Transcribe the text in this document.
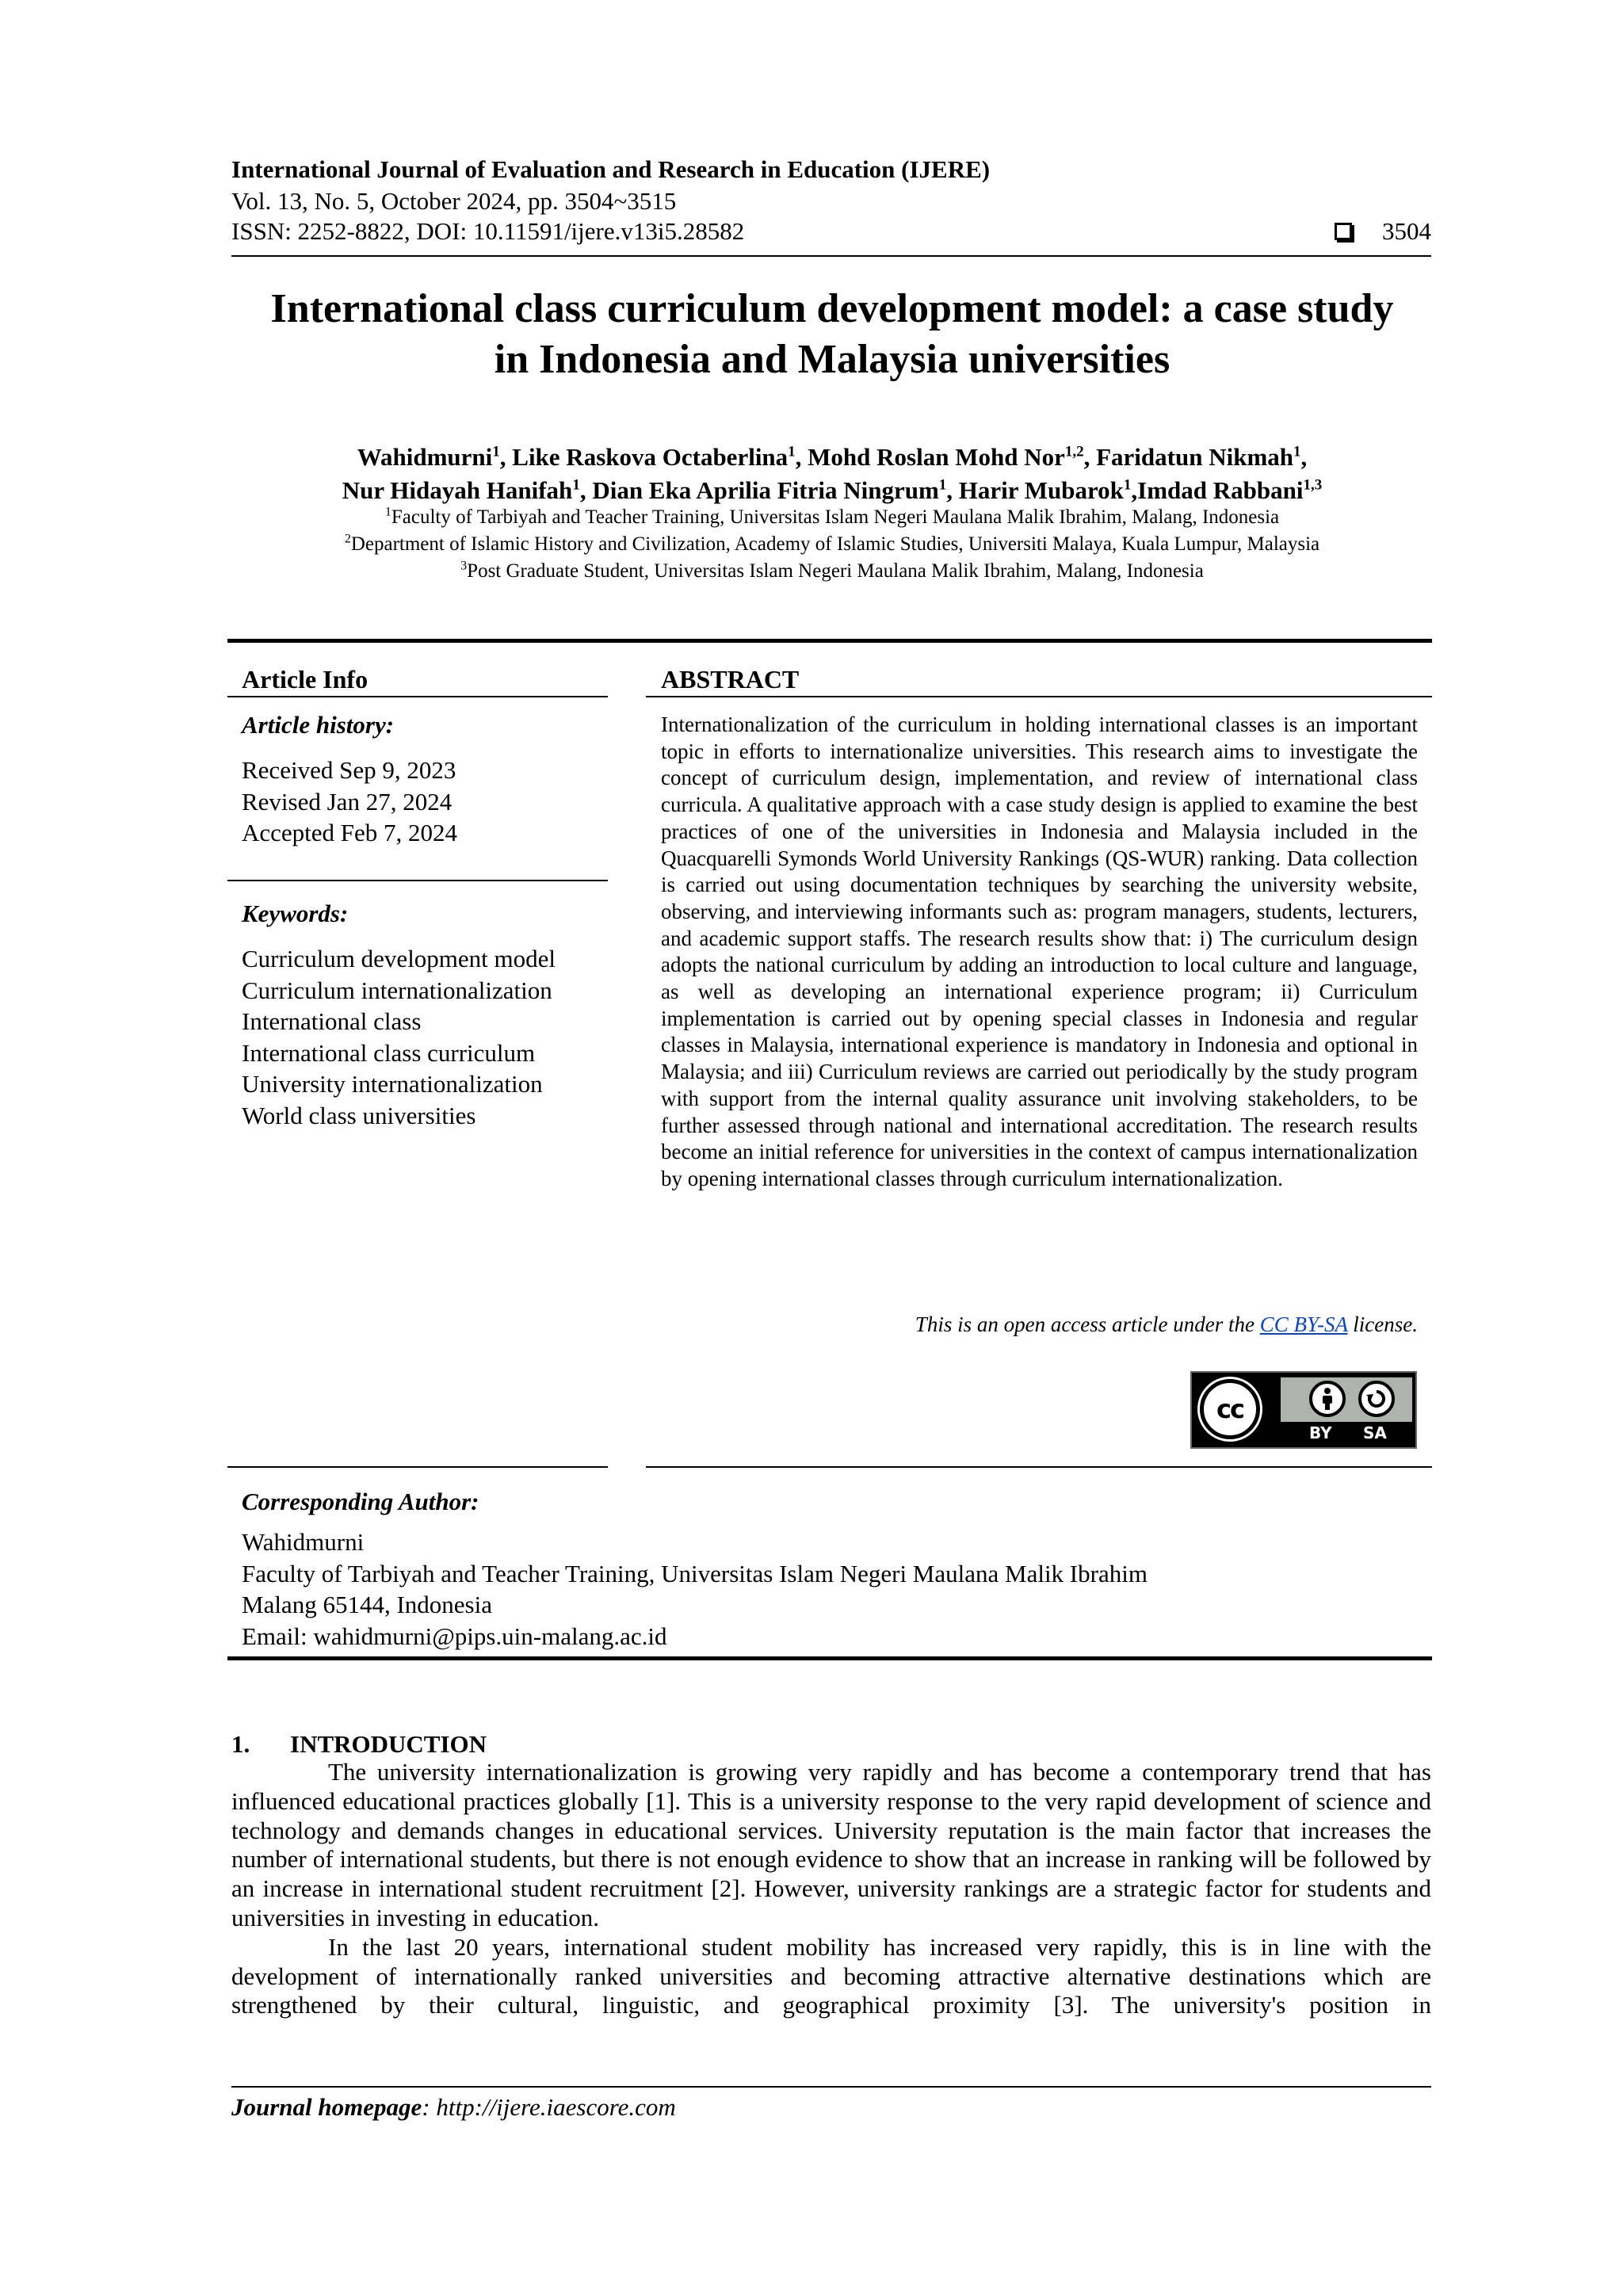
International Journal of Evaluation and Research in Education (IJERE)
Vol. 13, No. 5, October 2024, pp. 3504~3515
ISSN: 2252-8822, DOI: 10.11591/ijere.v13i5.28582	3504
International class curriculum development model: a case study
in Indonesia and Malaysia universities
Wahidmurni$^1$, Like Raskova Octaberlina$^1$, Mohd Roslan Mohd Nor$^{1,2}$, Faridatun Nikmah$^1$,
Nur Hidayah Hanifah$^1$, Dian Eka Aprilia Fitria Ningrum$^1$, Harir Mubarok$^1$,Imdad Rabbani$^{1,3}$
$^1$Faculty of Tarbiyah and Teacher Training, Universitas Islam Negeri Maulana Malik Ibrahim, Malang, Indonesia
$^2$Department of Islamic History and Civilization, Academy of Islamic Studies, Universiti Malaya, Kuala Lumpur, Malaysia
$^3$Post Graduate Student, Universitas Islam Negeri Maulana Malik Ibrahim, Malang, Indonesia
Article Info
Article history:
Received Sep 9, 2023
Revised Jan 27, 2024
Accepted Feb 7, 2024
Keywords:
Curriculum development model
Curriculum internationalization
International class
International class curriculum
University internationalization
World class universities
ABSTRACT
Internationalization of the curriculum in holding international classes is an important topic in efforts to internationalize universities. This research aims to investigate the concept of curriculum design, implementation, and review of international class curricula. A qualitative approach with a case study design is applied to examine the best practices of one of the universities in Indonesia and Malaysia included in the Quacquarelli Symonds World University Rankings (QS-WUR) ranking. Data collection is carried out using documentation techniques by searching the university website, observing, and interviewing informants such as: program managers, students, lecturers, and academic support staffs. The research results show that: i) The curriculum design adopts the national curriculum by adding an introduction to local culture and language, as well as developing an international experience program; ii) Curriculum implementation is carried out by opening special classes in Indonesia and regular classes in Malaysia, international experience is mandatory in Indonesia and optional in Malaysia; and iii) Curriculum reviews are carried out periodically by the study program with support from the internal quality assurance unit involving stakeholders, to be further assessed through national and international accreditation. The research results become an initial reference for universities in the context of campus internationalization by opening international classes through curriculum internationalization.
This is an open access article under the CC BY-SA license.
cc
BY SA
Corresponding Author:
Wahidmurni
Faculty of Tarbiyah and Teacher Training, Universitas Islam Negeri Maulana Malik Ibrahim
Malang 65144, Indonesia
Email: wahidmurni@pips.uin-malang.ac.id
1. INTRODUCTION

The university internationalization is growing very rapidly and has become a contemporary trend that has influenced educational practices globally [1]. This is a university response to the very rapid development of science and technology and demands changes in educational services. University reputation is the main factor that increases the number of international students, but there is not enough evidence to show that an increase in ranking will be followed by an increase in international student recruitment [2]. However, university rankings are a strategic factor for students and universities in investing in education.

In the last 20 years, international student mobility has increased very rapidly, this is in line with the development of internationally ranked universities and becoming attractive alternative destinations which are strengthened by their cultural, linguistic, and geographical proximity [3]. The university's position in

Journal homepage: http://ijere.iaescore.com
